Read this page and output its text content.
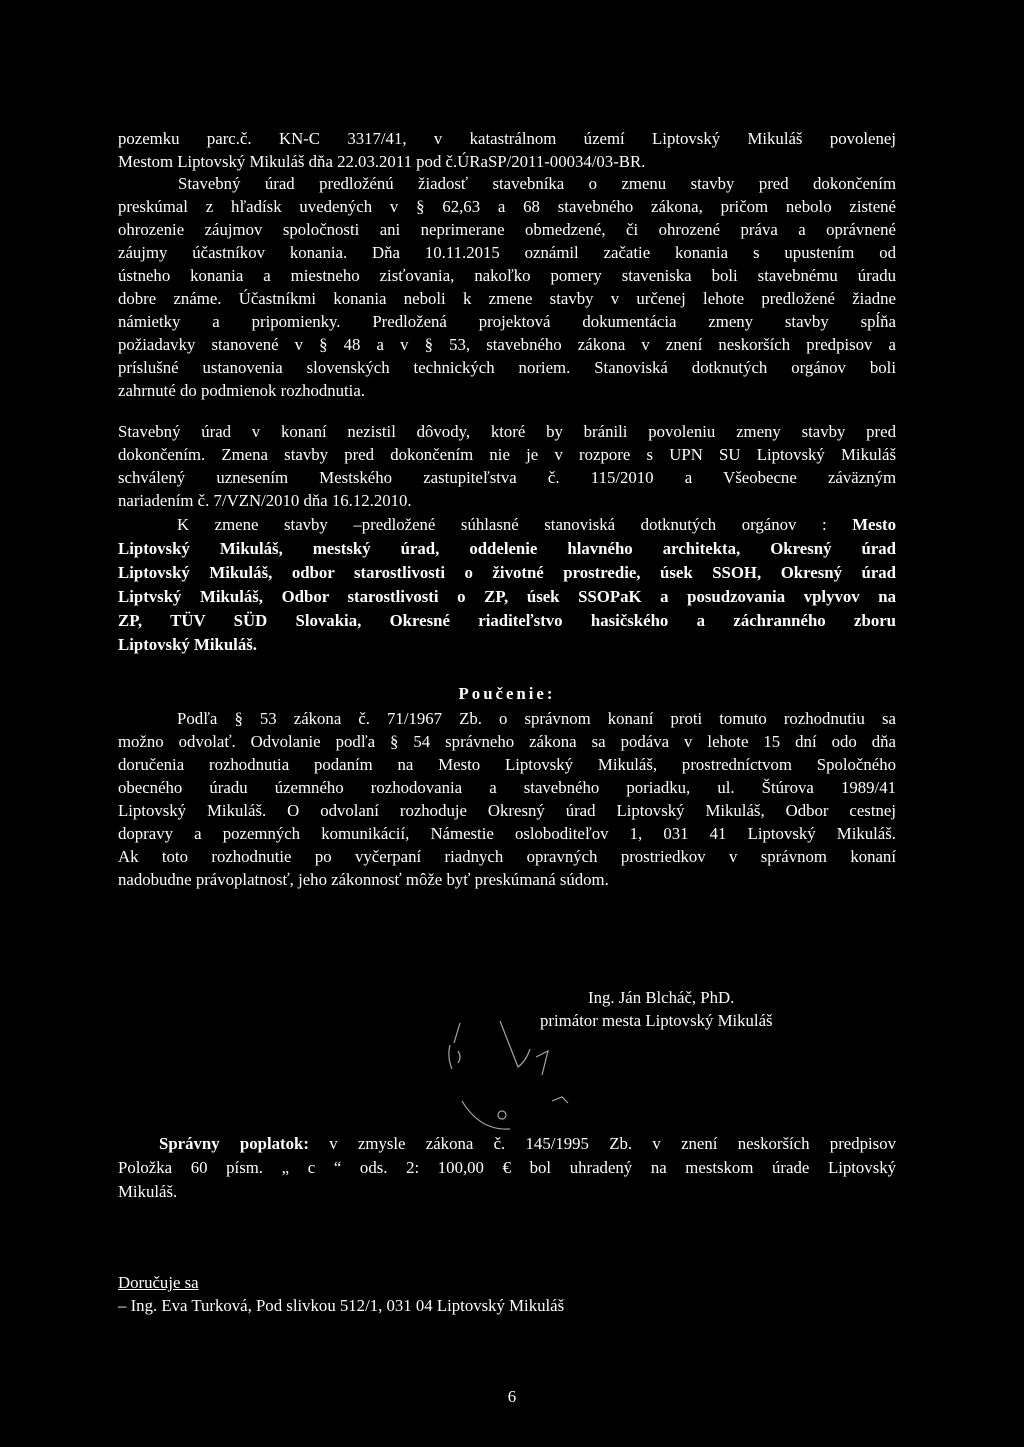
pozemku parc.č. KN-C 3317/41, v katastrálnom území Liptovský Mikuláš povolenej
Mestom Liptovský Mikuláš dňa 22.03.2011 pod č.ÚRaSP/2011-00034/03-BR.
Stavebný úrad predložénú žiadosť stavebníka o zmenu stavby pred dokončením
preskúmal z hľadísk uvedených v § 62,63 a 68 stavebného zákona, pričom nebolo zistené
ohrozenie záujmov spoločnosti ani neprimerane obmedzené, či ohrozené práva a oprávnené
záujmy účastníkov konania. Dňa 10.11.2015 oznámil začatie konania s upustením od
ústneho konania a miestneho zisťovania, nakoľko pomery staveniska boli stavebnému úradu
dobre známe. Účastníkmi konania neboli k zmene stavby v určenej lehote predložené žiadne
námietky a pripomienky. Predložená projektová dokumentácia zmeny stavby spĺňa
požiadavky stanovené v § 48 a v § 53, stavebného zákona v znení neskorších predpisov a
príslušné ustanovenia slovenských technických noriem. Stanoviská dotknutých orgánov boli
zahrnuté do podmienok rozhodnutia.
Stavebný úrad v konaní nezistil dôvody, ktoré by bránili povoleniu zmeny stavby pred
dokončením. Zmena stavby pred dokončením nie je v rozpore s UPN SU Liptovský Mikuláš
schválený uznesením Mestského zastupiteľstva č. 115/2010 a Všeobecne záväzným
nariadením č. 7/VZN/2010 dňa 16.12.2010.
K zmene stavby –predložené súhlasné stanoviská dotknutých orgánov : Mesto
Liptovský Mikuláš, mestský úrad, oddelenie hlavného architekta, Okresný úrad
Liptovský Mikuláš, odbor starostlivosti o životné prostredie, úsek SSOH, Okresný úrad
Liptvský Mikuláš, Odbor starostlivosti o ZP, úsek SSOPaK a posudzovania vplyvov na
ZP, TÜV SÜD Slovakia, Okresné riaditeľstvo hasičského a záchranného zboru
Liptovský Mikuláš.
Poučenie:
Podľa § 53 zákona č. 71/1967 Zb. o správnom konaní proti tomuto rozhodnutiu sa
možno odvolať. Odvolanie podľa § 54 správneho zákona sa podáva v lehote 15 dní odo dňa
doručenia rozhodnutia podaním na Mesto Liptovský Mikuláš, prostredníctvom Spoločného
obecného úradu územného rozhodovania a stavebného poriadku, ul. Štúrova 1989/41
Liptovský Mikuláš. O odvolaní rozhoduje Okresný úrad Liptovský Mikuláš, Odbor cestnej
dopravy a pozemných komunikácií, Námestie osloboditeľov 1, 031 41 Liptovský Mikuláš.
Ak toto rozhodnutie po vyčerpaní riadnych opravných prostriedkov v správnom konaní
nadobudne právoplatnosť, jeho zákonnosť môže byť preskúmaná súdom.
Správny poplatok: v zmysle zákona č. 145/1995 Zb. v znení neskorších predpisov
Položka 60 písm. „ c “ ods. 2: 100,00 € bol uhradený na mestskom úrade Liptovský
Mikuláš.
Doručuje sa
– Ing. Eva Turková, Pod slivkou 512/1, 031 04 Liptovský Mikuláš
Ing. Ján Blcháč, PhD.
primátor mesta Liptovský Mikuláš
6
